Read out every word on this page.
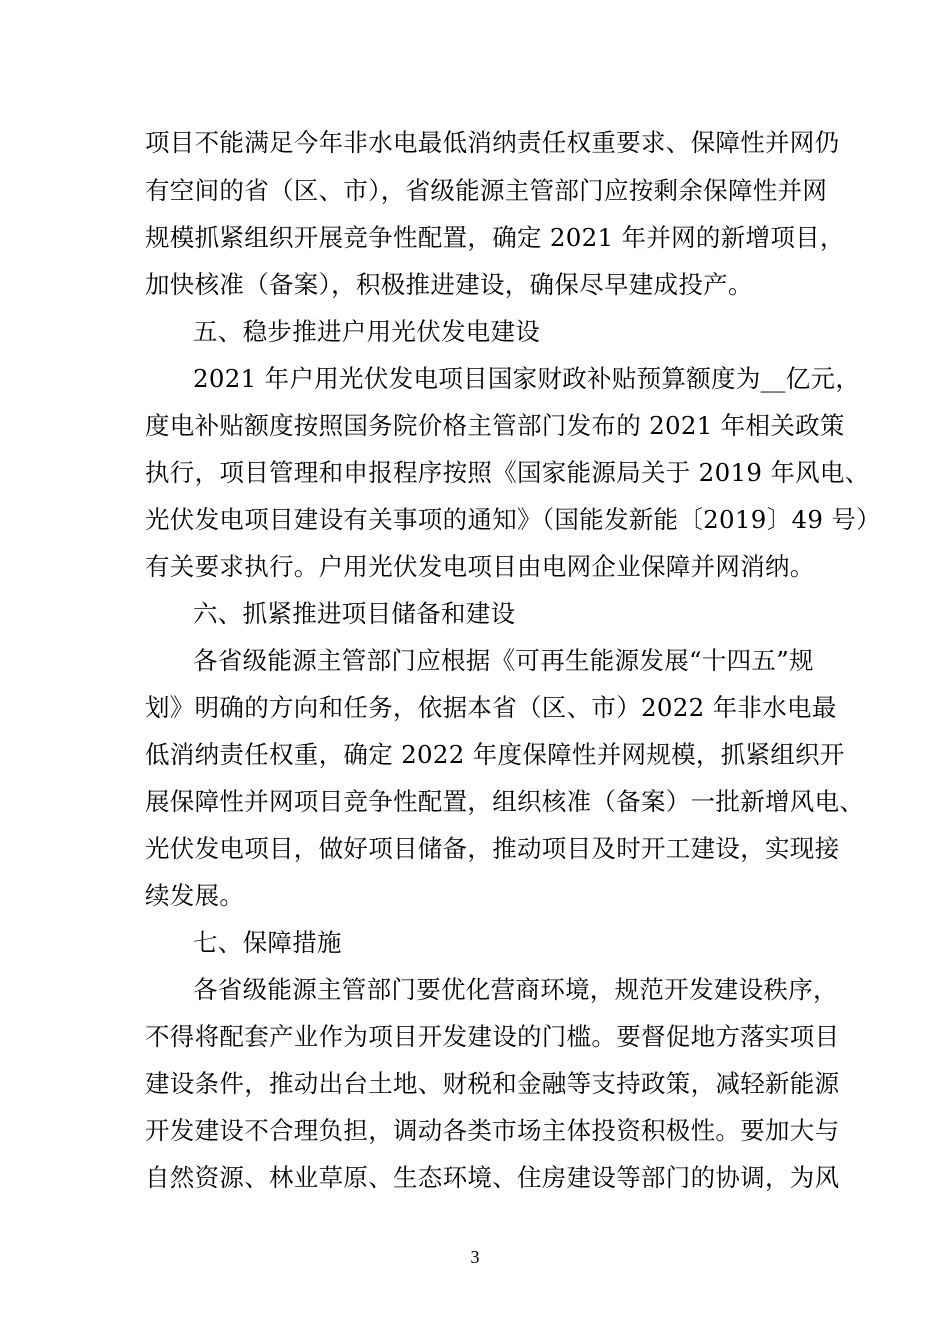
项目不能满足今年非水电最低消纳责任权重要求、保障性并网仍
有空间的省（区、市），省级能源主管部门应按剩余保障性并网
规模抓紧组织开展竞争性配置，确定 2021 年并网的新增项目，
加快核准（备案），积极推进建设，确保尽早建成投产。
五、稳步推进户用光伏发电建设
2021 年户用光伏发电项目国家财政补贴预算额度为__亿元，
度电补贴额度按照国务院价格主管部门发布的 2021 年相关政策
执行，项目管理和申报程序按照《国家能源局关于 2019 年风电、
光伏发电项目建设有关事项的通知》（国能发新能〔2019〕49 号）
有关要求执行。户用光伏发电项目由电网企业保障并网消纳。
六、抓紧推进项目储备和建设
各省级能源主管部门应根据《可再生能源发展“十四五”规
划》明确的方向和任务，依据本省（区、市）2022 年非水电最
低消纳责任权重，确定 2022 年度保障性并网规模，抓紧组织开
展保障性并网项目竞争性配置，组织核准（备案）一批新增风电、
光伏发电项目，做好项目储备，推动项目及时开工建设，实现接
续发展。
七、保障措施
各省级能源主管部门要优化营商环境，规范开发建设秩序，
不得将配套产业作为项目开发建设的门槛。要督促地方落实项目
建设条件，推动出台土地、财税和金融等支持政策，减轻新能源
开发建设不合理负担，调动各类市场主体投资积极性。要加大与
自然资源、林业草原、生态环境、住房建设等部门的协调，为风
3
